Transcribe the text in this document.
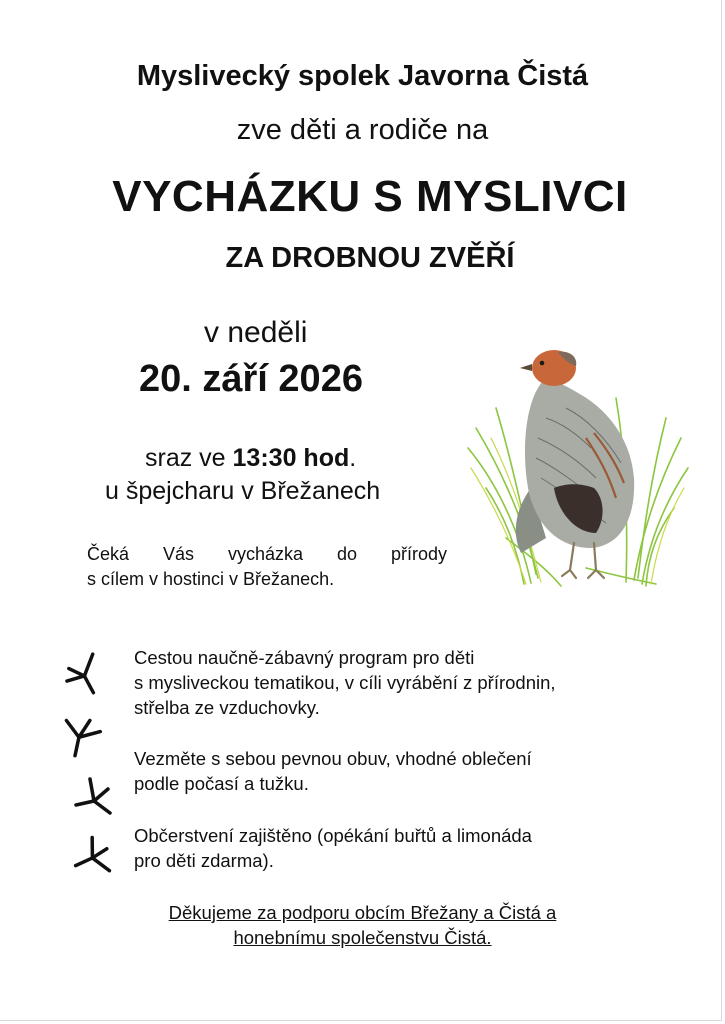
Myslivecký spolek Javorna Čistá
zve děti a rodiče na
VYCHÁZKU S MYSLIVCI
ZA DROBNOU ZVĚŘÍ
v neděli
20. září 2026
sraz ve 13:30 hod.
u špejcharu v Břežanech
Čeká Vás vycházka do přírody
s cílem v hostinci v Břežanech.
Cestou naučně-zábavný program pro děti
s mysliveckou tematikou, v cíli vyrábění z přírodnin,
střelba ze vzduchovky.
Vezměte s sebou pevnou obuv, vhodné oblečení
podle počasí a tužku.
Občerstvení zajištěno (opékání buřtů a limonáda
pro děti zdarma).
Děkujeme za podporu obcím Břežany a Čistá a
honebnímu společenstvu Čistá.
